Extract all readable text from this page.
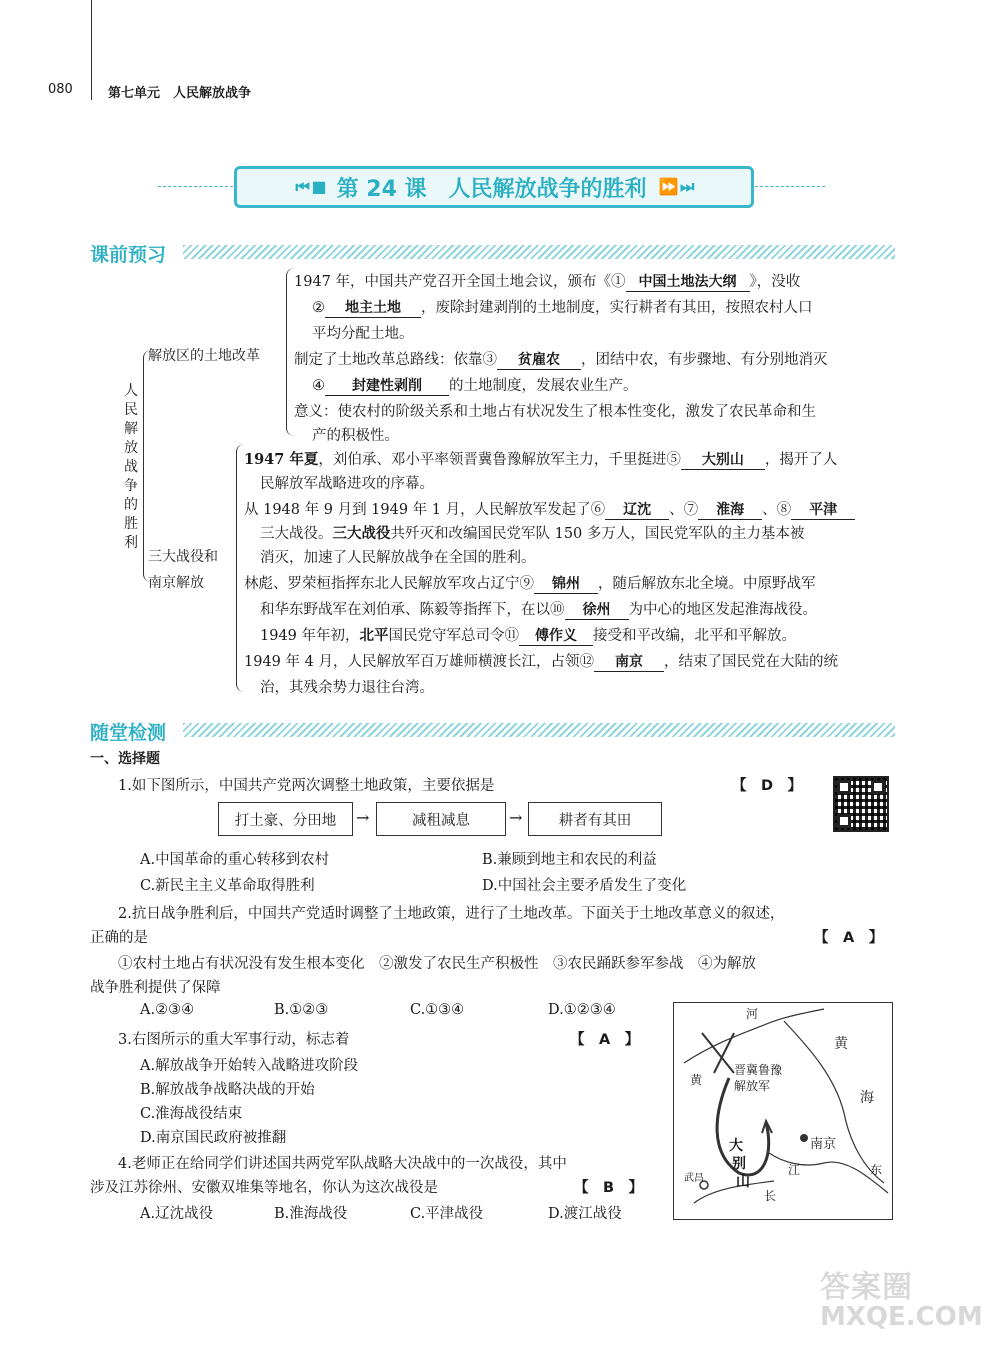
080	第七单元　人民解放战争
⏮ ■ 第 24 课　人民解放战争的胜利 ⏩ ⏭
课前预习
人民解放战争的胜利
解放区的土地改革
三大战役和
南京解放
1947 年，中国共产党召开全国土地会议，颁布《① 中国土地法大纲 》，没收
② 地主土地 ，废除封建剥削的土地制度，实行耕者有其田，按照农村人口
平均分配土地。
制定了土地改革总路线：依靠③ 贫雇农 ，团结中农，有步骤地、有分别地消灭
④ 封建性剥削 的土地制度，发展农业生产。
意义：使农村的阶级关系和土地占有状况发生了根本性变化，激发了农民革命和生
产的积极性。
1947 年夏，刘伯承、邓小平率领晋冀鲁豫解放军主力，千里挺进⑤ 大别山 ，揭开了人
民解放军战略进攻的序幕。
从 1948 年 9 月到 1949 年 1 月，人民解放军发起了⑥ 辽沈 、⑦ 淮海 、⑧ 平津
三大战役。三大战役共歼灭和改编国民党军队 150 多万人，国民党军队的主力基本被
消灭，加速了人民解放战争在全国的胜利。
林彪、罗荣桓指挥东北人民解放军攻占辽宁⑨ 锦州 ，随后解放东北全境。中原野战军
和华东野战军在刘伯承、陈毅等指挥下，在以⑩ 徐州 为中心的地区发起淮海战役。
1949 年年初，北平国民党守军总司令⑪ 傅作义 接受和平改编，北平和平解放。
1949 年 4 月，人民解放军百万雄师横渡长江，占领⑫ 南京 ，结束了国民党在大陆的统
治，其残余势力退往台湾。
随堂检测
一、选择题
1.如下图所示，中国共产党两次调整土地政策，主要依据是	【　D　】
打土豪、分田地	→	减租减息	→	耕者有其田
A.中国革命的重心转移到农村	B.兼顾到地主和农民的利益
C.新民主主义革命取得胜利	D.中国社会主要矛盾发生了变化
2.抗日战争胜利后，中国共产党适时调整了土地政策，进行了土地改革。下面关于土地改革意义的叙述，
正确的是	【　A　】
①农村土地占有状况没有发生根本变化　②激发了农民生产积极性　③农民踊跃参军参战　④为解放
战争胜利提供了保障
A.②③④	B.①②③	C.①③④	D.①②③④
3.右图所示的重大军事行动，标志着	【　A　】
A.解放战争开始转入战略进攻阶段
B.解放战争战略决战的开始
C.淮海战役结束
D.南京国民政府被推翻
4.老师正在给同学们讲述国共两党军队战略大决战中的一次战役，其中
涉及江苏徐州、安徽双堆集等地名，你认为这次战役是	【　B　】
A.辽沈战役	B.淮海战役	C.平津战役	D.渡江战役
河
黄
黄
海
晋冀鲁豫
解放军
大
别
山
南京
江
长
东
武昌
答案圈
MXQE.COM
